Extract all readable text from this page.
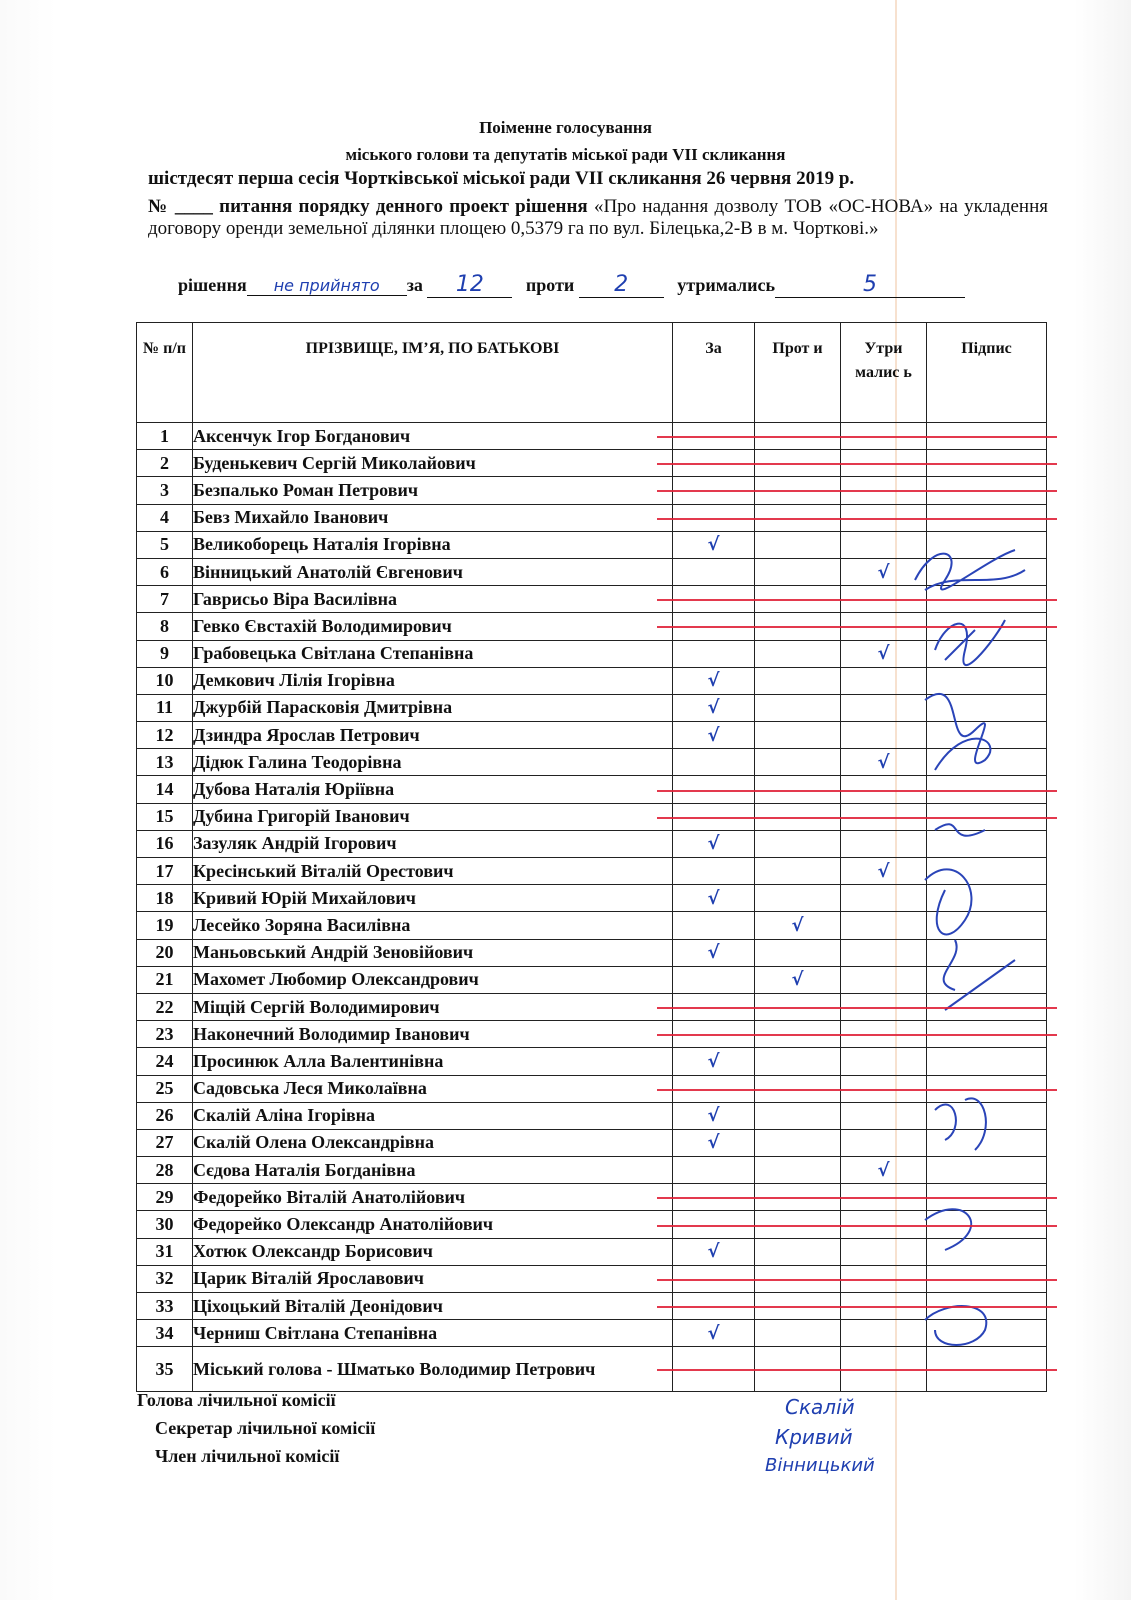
Поіменне голосування
міського голови та депутатів міської ради VII скликання
шістдесят перша сесія Чортківської міської ради VII скликання 26 червня 2019 р.
№ ____ питання порядку денного проект рішення «Про надання дозволу ТОВ «ОС-НОВА» на укладення договору оренди земельної ділянки площею 0,5379 га по вул. Білецька,2-В в м. Чорткові.»
рішення не прийнято за 12 проти 2	утримались	5
№ п/п	ПРІЗВИЩЕ, ІМ’Я, ПО БАТЬКОВІ	За	Прот и	Утри малис ь	Підпис
1	Аксенчук Ігор Богданович				
2	Буденькевич Сергій Миколайович				
3	Безпалько Роман Петрович				
4	Бевз Михайло Іванович				
5	Великоборець Наталія Ігорівна	√			
6	Вінницький Анатолій Євгенович			√	
7	Гаврисьо Віра Василівна				
8	Гевко Євстахій Володимирович				
9	Грабовецька Світлана Степанівна			√	
10	Демкович Лілія Ігорівна	√			
11	Джурбій Парасковія Дмитрівна	√			
12	Дзиндра Ярослав Петрович	√			
13	Дідюк Галина Теодорівна			√	
14	Дубова Наталія Юріївна				
15	Дубина Григорій Іванович				
16	Зазуляк Андрій Ігорович	√			
17	Кресінський Віталій Орестович			√	
18	Кривий Юрій Михайлович	√			
19	Лесейко Зоряна Василівна		√		
20	Маньовський Андрій Зеновійович	√			
21	Махомет Любомир Олександрович		√		
22	Міщій Сергій Володимирович				
23	Наконечний Володимир Іванович				
24	Просинюк Алла Валентинівна	√			
25	Садовська Леся Миколаївна				
26	Скалій Аліна Ігорівна	√			
27	Скалій Олена Олександрівна	√			
28	Сєдова Наталія Богданівна			√	
29	Федорейко Віталій Анатолійович				
30	Федорейко Олександр Анатолійович				
31	Хотюк Олександр Борисович	√			
32	Царик Віталій Ярославович				
33	Ціхоцький Віталій Деонідович				
34	Черниш Світлана Степанівна	√			
35	Міський голова - Шматько Володимир Петрович				
Голова лічильної комісії
Секретар лічильної комісії
Член лічильної комісії
Скалій
Кривий
Вінницький
